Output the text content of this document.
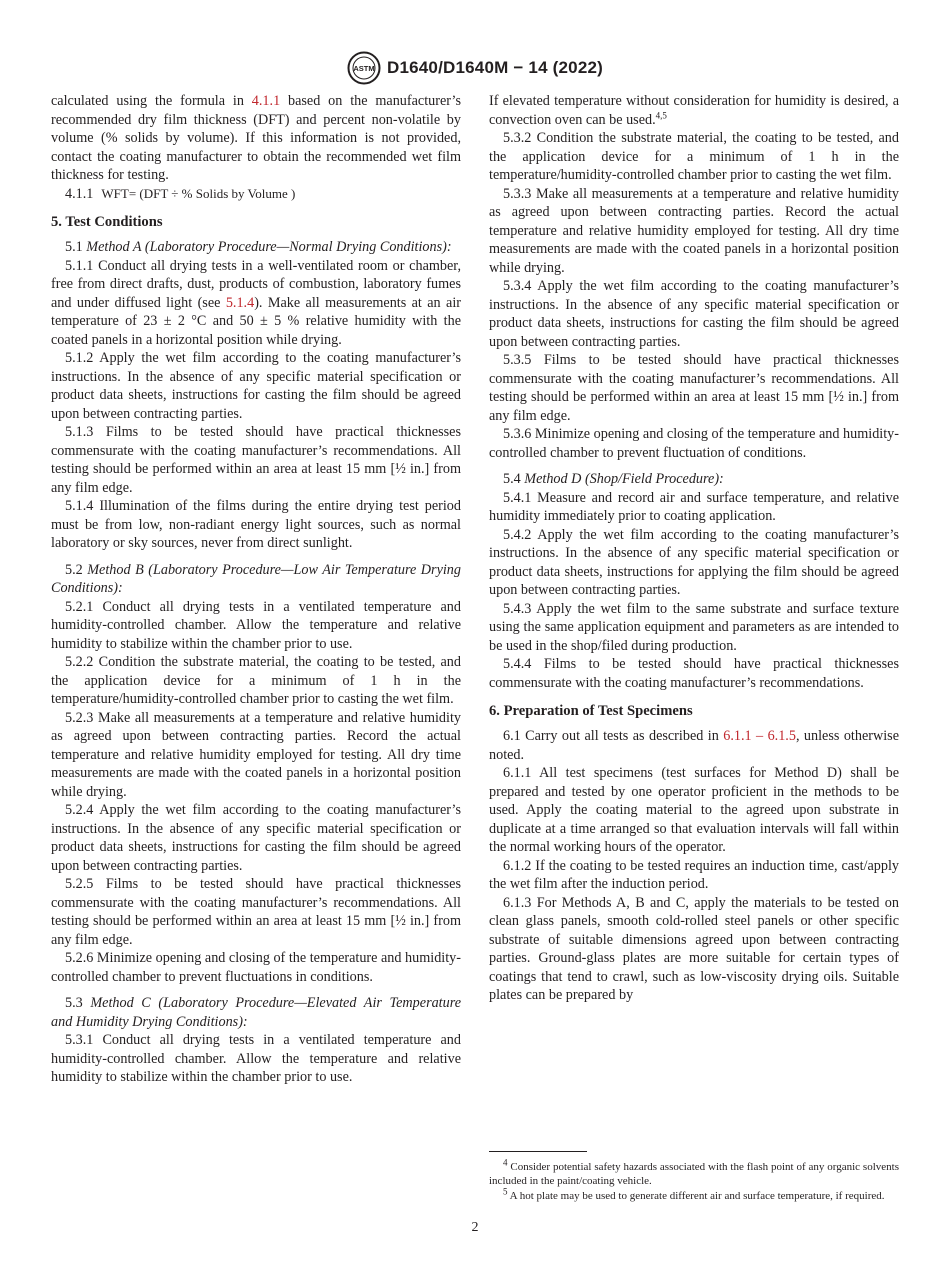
ASTM D1640/D1640M − 14 (2022)

calculated using the formula in 4.1.1 based on the manufacturer’s recommended dry film thickness (DFT) and percent non-volatile by volume (% solids by volume). If this information is not provided, contact the coating manufacturer to obtain the recommended wet film thickness for testing.

4.1.1 WFT= (DFT ÷ % Solids by Volume )

5. Test Conditions

5.1 Method A (Laboratory Procedure—Normal Drying Conditions):

5.1.1 Conduct all drying tests in a well-ventilated room or chamber, free from direct drafts, dust, products of combustion, laboratory fumes and under diffused light (see 5.1.4). Make all measurements at an air temperature of 23 ± 2 °C and 50 ± 5 % relative humidity with the coated panels in a horizontal position while drying.

5.1.2 Apply the wet film according to the coating manufacturer’s instructions. In the absence of any specific material specification or product data sheets, instructions for casting the film should be agreed upon between contracting parties.

5.1.3 Films to be tested should have practical thicknesses commensurate with the coating manufacturer’s recommendations. All testing should be performed within an area at least 15 mm [½ in.] from any film edge.

5.1.4 Illumination of the films during the entire drying test period must be from low, non-radiant energy light sources, such as normal laboratory or sky sources, never from direct sunlight.

5.2 Method B (Laboratory Procedure—Low Air Temperature Drying Conditions):

5.2.1 Conduct all drying tests in a ventilated temperature and humidity-controlled chamber. Allow the temperature and relative humidity to stabilize within the chamber prior to use.

5.2.2 Condition the substrate material, the coating to be tested, and the application device for a minimum of 1 h in the temperature/humidity-controlled chamber prior to casting the wet film.

5.2.3 Make all measurements at a temperature and relative humidity as agreed upon between contracting parties. Record the actual temperature and relative humidity employed for testing. All dry time measurements are made with the coated panels in a horizontal position while drying.

5.2.4 Apply the wet film according to the coating manufacturer’s instructions. In the absence of any specific material specification or product data sheets, instructions for casting the film should be agreed upon between contracting parties.

5.2.5 Films to be tested should have practical thicknesses commensurate with the coating manufacturer’s recommendations. All testing should be performed within an area at least 15 mm [½ in.] from any film edge.

5.2.6 Minimize opening and closing of the temperature and humidity-controlled chamber to prevent fluctuations in conditions.

5.3 Method C (Laboratory Procedure—Elevated Air Temperature and Humidity Drying Conditions):

5.3.1 Conduct all drying tests in a ventilated temperature and humidity-controlled chamber. Allow the temperature and relative humidity to stabilize within the chamber prior to use.

If elevated temperature without consideration for humidity is desired, a convection oven can be used.$^{4,5}$

5.3.2 Condition the substrate material, the coating to be tested, and the application device for a minimum of 1 h in the temperature/humidity-controlled chamber prior to casting the wet film.

5.3.3 Make all measurements at a temperature and relative humidity as agreed upon between contracting parties. Record the actual temperature and relative humidity employed for testing. All dry time measurements are made with the coated panels in a horizontal position while drying.

5.3.4 Apply the wet film according to the coating manufacturer’s instructions. In the absence of any specific material specification or product data sheets, instructions for casting the film should be agreed upon between contracting parties.

5.3.5 Films to be tested should have practical thicknesses commensurate with the coating manufacturer’s recommendations. All testing should be performed within an area at least 15 mm [½ in.] from any film edge.

5.3.6 Minimize opening and closing of the temperature and humidity-controlled chamber to prevent fluctuation of conditions.

5.4 Method D (Shop/Field Procedure):

5.4.1 Measure and record air and surface temperature, and relative humidity immediately prior to coating application.

5.4.2 Apply the wet film according to the coating manufacturer’s instructions. In the absence of any specific material specification or product data sheets, instructions for applying the film should be agreed upon between contracting parties.

5.4.3 Apply the wet film to the same substrate and surface texture using the same application equipment and parameters as are intended to be used in the shop/filed during production.

5.4.4 Films to be tested should have practical thicknesses commensurate with the coating manufacturer’s recommendations.

6. Preparation of Test Specimens

6.1 Carry out all tests as described in 6.1.1 – 6.1.5, unless otherwise noted.

6.1.1 All test specimens (test surfaces for Method D) shall be prepared and tested by one operator proficient in the methods to be used. Apply the coating material to the agreed upon substrate in duplicate at a time arranged so that evaluation intervals will fall within the normal working hours of the operator.

6.1.2 If the coating to be tested requires an induction time, cast/apply the wet film after the induction period.

6.1.3 For Methods A, B and C, apply the materials to be tested on clean glass panels, smooth cold-rolled steel panels or other specific substrate of suitable dimensions agreed upon between contracting parties. Ground-glass plates are more suitable for certain types of coatings that tend to crawl, such as low-viscosity drying oils. Suitable plates can be prepared by

$^4$ Consider potential safety hazards associated with the flash point of any organic solvents included in the paint/coating vehicle.

$^5$ A hot plate may be used to generate different air and surface temperature, if required.

2
